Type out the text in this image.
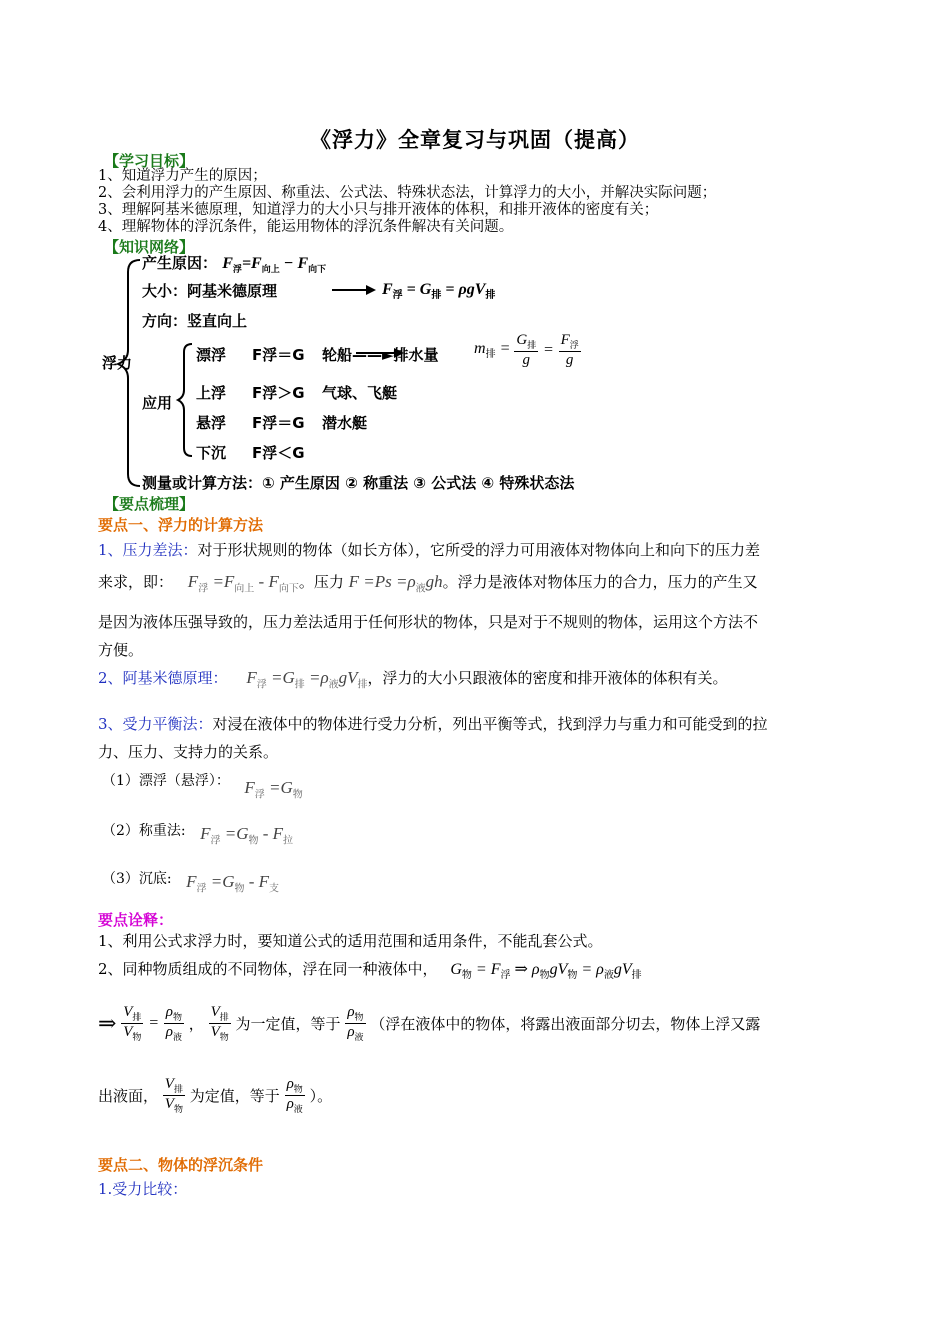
《浮力》全章复习与巩固（提高）
【学习目标】
1、知道浮力产生的原因；
2、会利用浮力的产生原因、称重法、公式法、特殊状态法，计算浮力的大小，并解决实际问题；
3、理解阿基米德原理，知道浮力的大小只与排开液体的体积，和排开液体的密度有关；
4、理解物体的浮沉条件，能运用物体的浮沉条件解决有关问题。
【知识网络】
浮力
产生原因： $F_浮=F_{向上} - F_{向下}$
大小：阿基米德原理	$F_浮 = G_排 = \rho gV_排$
方向：竖直向上
应用
漂浮 F浮＝G 轮船——►排水量 $m_排 = \frac{G_排}{g} = \frac{F_浮}{g}$
上浮 F浮＞G 气球、飞艇
悬浮 F浮＝G 潜水艇
下沉 F浮＜G
测量或计算方法：① 产生原因 ② 称重法 ③ 公式法 ④ 特殊状态法
【要点梳理】
要点一、浮力的计算方法
1、压力差法：对于形状规则的物体（如长方体），它所受的浮力可用液体对物体向上和向下的压力差
来求，即： $F_浮 =F_{向上} - F_{向下}$。压力 $F =Ps =\rho_液gh$。浮力是液体对物体压力的合力，压力的产生又
是因为液体压强导致的，压力差法适用于任何形状的物体，只是对于不规则的物体，运用这个方法不
方便。
2、阿基米德原理： $F_浮 =G_排 =\rho_液gV_排$，浮力的大小只跟液体的密度和排开液体的体积有关。
3、受力平衡法：对浸在液体中的物体进行受力分析，列出平衡等式，找到浮力与重力和可能受到的拉
力、压力、支持力的关系。
（1）漂浮（悬浮）： $F_浮 =G_物$
（2）称重法: $F_浮 =G_物 - F_拉$
（3）沉底: $F_浮 =G_物 - F_支$
要点诠释：
1、利用公式求浮力时，要知道公式的适用范围和适用条件，不能乱套公式。
2、同种物质组成的不同物体，浮在同一种液体中， $G_物 = F_浮$ ⇒ $\rho_物gV_物 = \rho_液gV_排$
⇒ $\frac{V_排}{V_物} = \frac{\rho_物}{\rho_液}$ ， $\frac{V_排}{V_物}$ 为一定值，等于 $\frac{\rho_物}{\rho_液}$ （浮在液体中的物体，将露出液面部分切去，物体上浮又露
出液面， $\frac{V_排}{V_物}$ 为定值，等于 $\frac{\rho_物}{\rho_液}$ ）。
要点二、物体的浮沉条件
1.受力比较：
